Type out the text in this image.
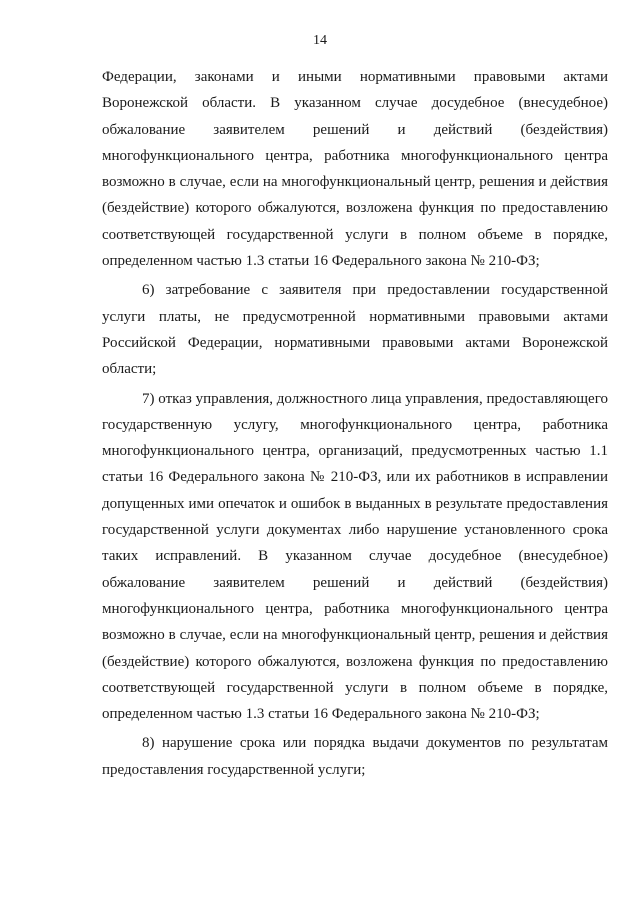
14

Федерации, законами и иными нормативными правовыми актами Воронежской области. В указанном случае досудебное (внесудебное) обжалование заявителем решений и действий (бездействия) многофункционального центра, работника многофункционального центра возможно в случае, если на многофункциональный центр, решения и действия (бездействие) которого обжалуются, возложена функция по предоставлению соответствующей государственной услуги в полном объеме в порядке, определенном частью 1.3 статьи 16 Федерального закона № 210-ФЗ;

6) затребование с заявителя при предоставлении государственной услуги платы, не предусмотренной нормативными правовыми актами Российской Федерации, нормативными правовыми актами Воронежской области;

7) отказ управления, должностного лица управления, предоставляющего государственную услугу, многофункционального центра, работника многофункционального центра, организаций, предусмотренных частью 1.1 статьи 16 Федерального закона № 210-ФЗ, или их работников в исправлении допущенных ими опечаток и ошибок в выданных в результате предоставления государственной услуги документах либо нарушение установленного срока таких исправлений. В указанном случае досудебное (внесудебное) обжалование заявителем решений и действий (бездействия) многофункционального центра, работника многофункционального центра возможно в случае, если на многофункциональный центр, решения и действия (бездействие) которого обжалуются, возложена функция по предоставлению соответствующей государственной услуги в полном объеме в порядке, определенном частью 1.3 статьи 16 Федерального закона № 210-ФЗ;

8) нарушение срока или порядка выдачи документов по результатам предоставления государственной услуги;
